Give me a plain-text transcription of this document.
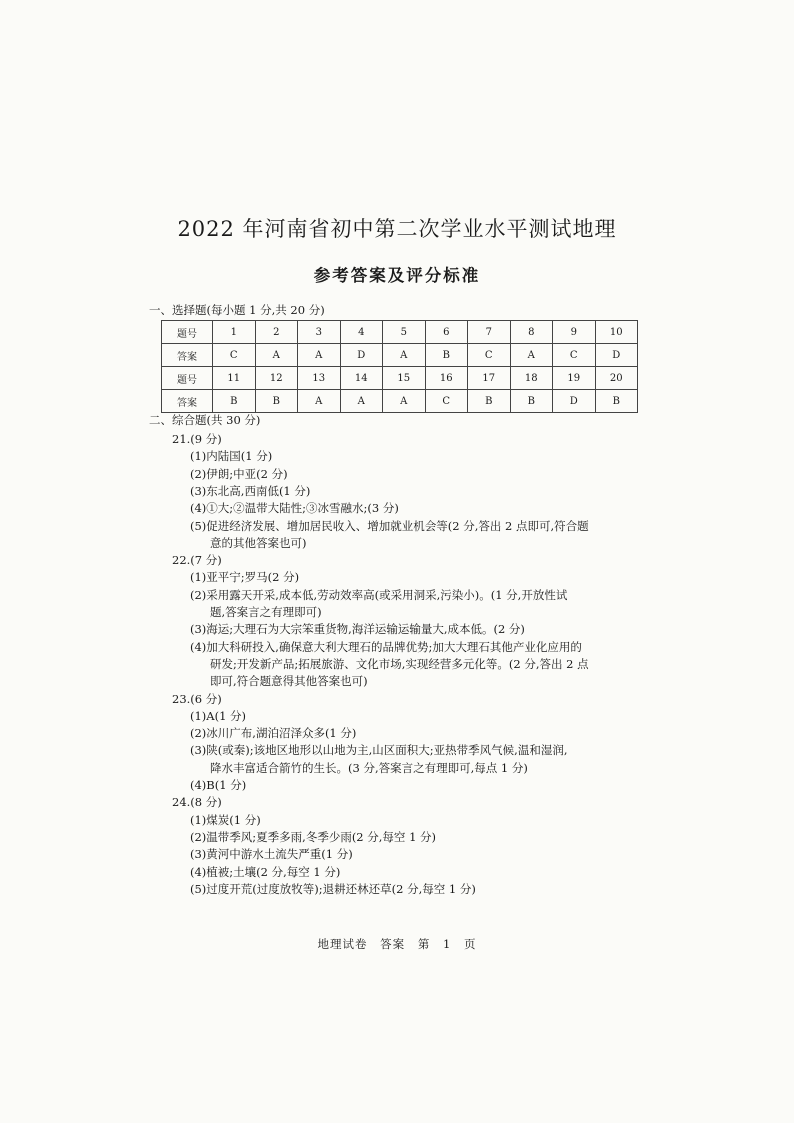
2022 年河南省初中第二次学业水平测试地理
参考答案及评分标准
一、选择题(每小题 1 分,共 20 分)
题号	1	2	3	4	5	6	7	8	9	10
答案	C	A	A	D	A	B	C	A	C	D
题号	11	12	13	14	15	16	17	18	19	20
答案	B	B	A	A	A	C	B	B	D	B
二、综合题(共 30 分)
21.(9 分)
(1)内陆国(1 分)
(2)伊朗;中亚(2 分)
(3)东北高,西南低(1 分)
(4)①大;②温带大陆性;③冰雪融水;(3 分)
(5)促进经济发展、增加居民收入、增加就业机会等(2 分,答出 2 点即可,符合题
意的其他答案也可)
22.(7 分)
(1)亚平宁;罗马(2 分)
(2)采用露天开采,成本低,劳动效率高(或采用洞采,污染小)。(1 分,开放性试
题,答案言之有理即可)
(3)海运;大理石为大宗笨重货物,海洋运输运输量大,成本低。(2 分)
(4)加大科研投入,确保意大利大理石的品牌优势;加大大理石其他产业化应用的
研发;开发新产品;拓展旅游、文化市场,实现经营多元化等。(2 分,答出 2 点
即可,符合题意得其他答案也可)
23.(6 分)
(1)A(1 分)
(2)冰川广布,湖泊沼泽众多(1 分)
(3)陕(或秦);该地区地形以山地为主,山区面积大;亚热带季风气候,温和湿润,
降水丰富适合箭竹的生长。(3 分,答案言之有理即可,每点 1 分)
(4)B(1 分)
24.(8 分)
(1)煤炭(1 分)
(2)温带季风;夏季多雨,冬季少雨(2 分,每空 1 分)
(3)黄河中游水土流失严重(1 分)
(4)植被;土壤(2 分,每空 1 分)
(5)过度开荒(过度放牧等);退耕还林还草(2 分,每空 1 分)
地理试卷 答案 第 1 页
